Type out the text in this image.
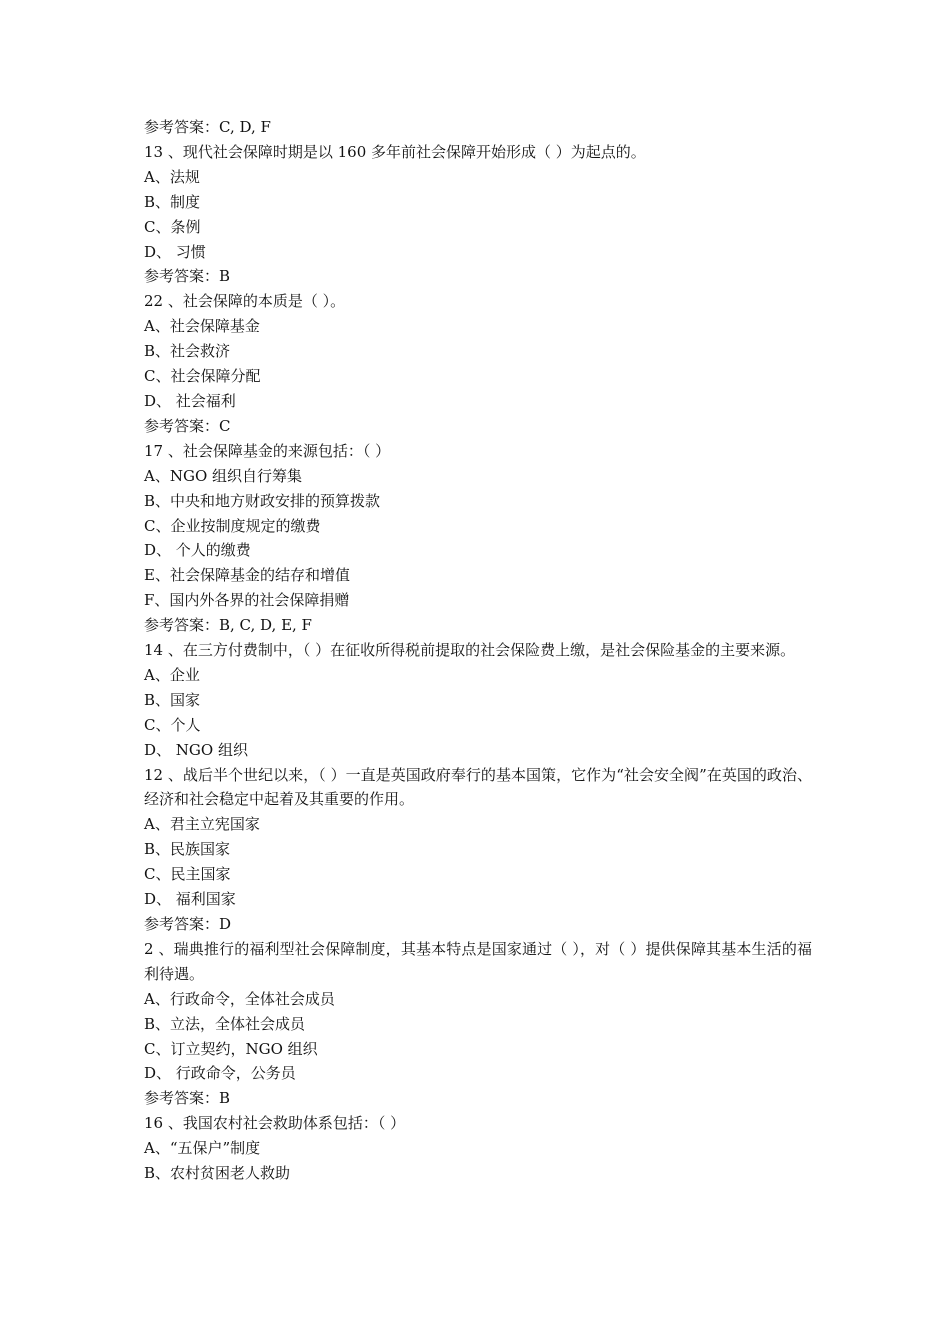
参考答案：C, D, F
13 、现代社会保障时期是以 160 多年前社会保障开始形成（ ）为起点的。
A、法规
B、制度
C、条例
D、 习惯
参考答案：B
22 、社会保障的本质是（ ）。
A、社会保障基金
B、社会救济
C、社会保障分配
D、 社会福利
参考答案：C
17 、社会保障基金的来源包括：（ ）
A、NGO 组织自行筹集
B、中央和地方财政安排的预算拨款
C、企业按制度规定的缴费
D、 个人的缴费
E、社会保障基金的结存和增值
F、国内外各界的社会保障捐赠
参考答案：B, C, D, E, F
14 、在三方付费制中，（ ）在征收所得税前提取的社会保险费上缴，是社会保险基金的主要来源。
A、企业
B、国家
C、个人
D、 NGO 组织
12 、战后半个世纪以来，（ ）一直是英国政府奉行的基本国策，它作为“社会安全阀”在英国的政治、经济和社会稳定中起着及其重要的作用。
A、君主立宪国家
B、民族国家
C、民主国家
D、 福利国家
参考答案：D
2 、瑞典推行的福利型社会保障制度，其基本特点是国家通过（ ），对（ ）提供保障其基本生活的福利待遇。
A、行政命令，全体社会成员
B、立法，全体社会成员
C、订立契约，NGO 组织
D、 行政命令，公务员
参考答案：B
16 、我国农村社会救助体系包括：（ ）
A、“五保户”制度
B、农村贫困老人救助
